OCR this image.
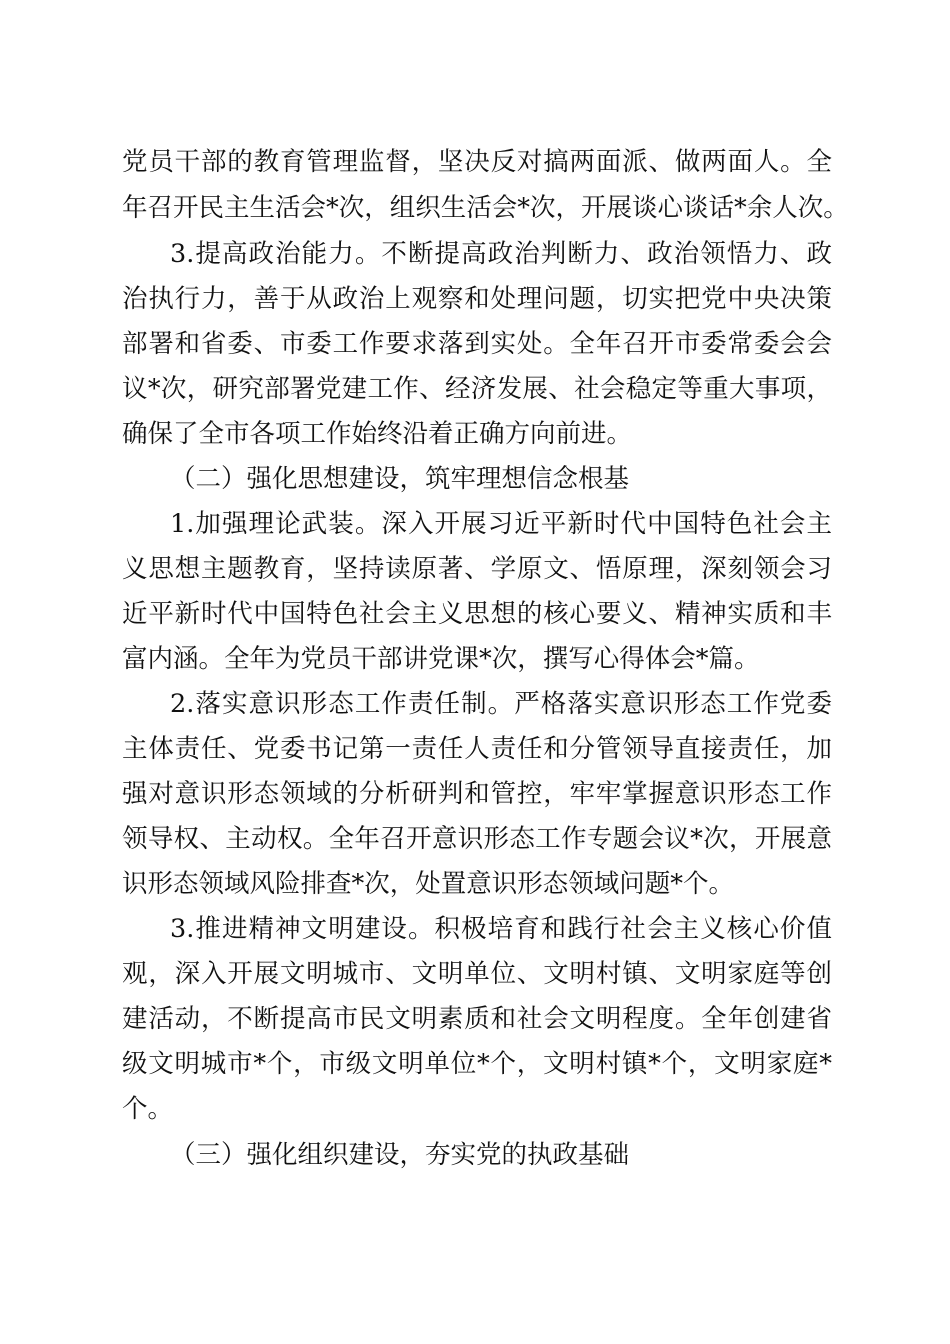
党员干部的教育管理监督，坚决反对搞两面派、做两面人。全
年召开民主生活会*次，组织生活会*次，开展谈心谈话*余人次。
3.提高政治能力。不断提高政治判断力、政治领悟力、政
治执行力，善于从政治上观察和处理问题，切实把党中央决策
部署和省委、市委工作要求落到实处。全年召开市委常委会会
议*次，研究部署党建工作、经济发展、社会稳定等重大事项，
确保了全市各项工作始终沿着正确方向前进。
（二）强化思想建设，筑牢理想信念根基
1.加强理论武装。深入开展习近平新时代中国特色社会主
义思想主题教育，坚持读原著、学原文、悟原理，深刻领会习
近平新时代中国特色社会主义思想的核心要义、精神实质和丰
富内涵。全年为党员干部讲党课*次，撰写心得体会*篇。
2.落实意识形态工作责任制。严格落实意识形态工作党委
主体责任、党委书记第一责任人责任和分管领导直接责任，加
强对意识形态领域的分析研判和管控，牢牢掌握意识形态工作
领导权、主动权。全年召开意识形态工作专题会议*次，开展意
识形态领域风险排查*次，处置意识形态领域问题*个。
3.推进精神文明建设。积极培育和践行社会主义核心价值
观，深入开展文明城市、文明单位、文明村镇、文明家庭等创
建活动，不断提高市民文明素质和社会文明程度。全年创建省
级文明城市*个，市级文明单位*个，文明村镇*个，文明家庭*
个。
（三）强化组织建设，夯实党的执政基础
